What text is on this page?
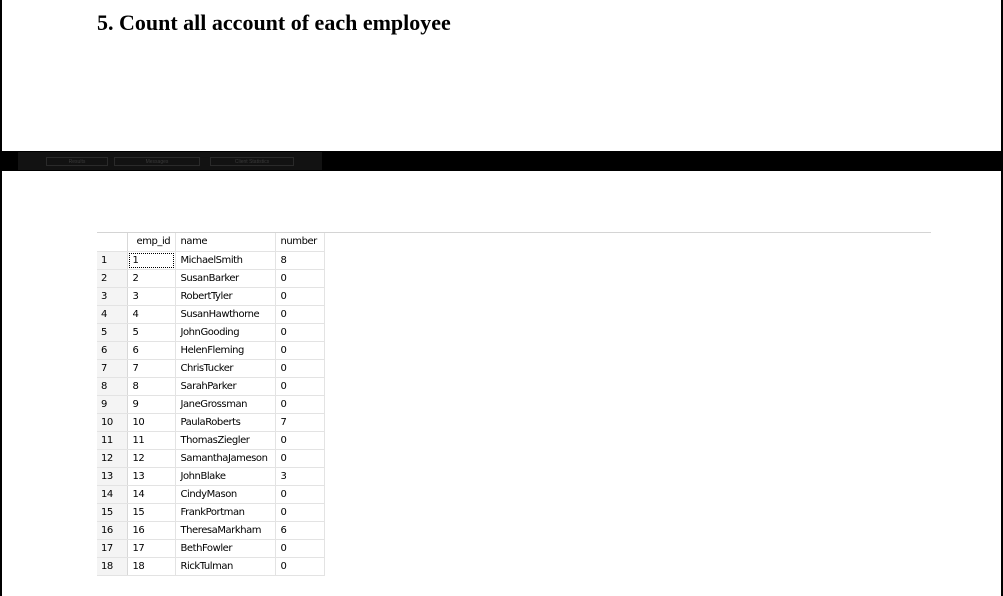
5. Count all account of each employee
Results	Messages	Client Statistics
	emp_id	name	number
1	1	MichaelSmith	8
2	2	SusanBarker	0
3	3	RobertTyler	0
4	4	SusanHawthorne	0
5	5	JohnGooding	0
6	6	HelenFleming	0
7	7	ChrisTucker	0
8	8	SarahParker	0
9	9	JaneGrossman	0
10	10	PaulaRoberts	7
11	11	ThomasZiegler	0
12	12	SamanthaJameson	0
13	13	JohnBlake	3
14	14	CindyMason	0
15	15	FrankPortman	0
16	16	TheresaMarkham	6
17	17	BethFowler	0
18	18	RickTulman	0
